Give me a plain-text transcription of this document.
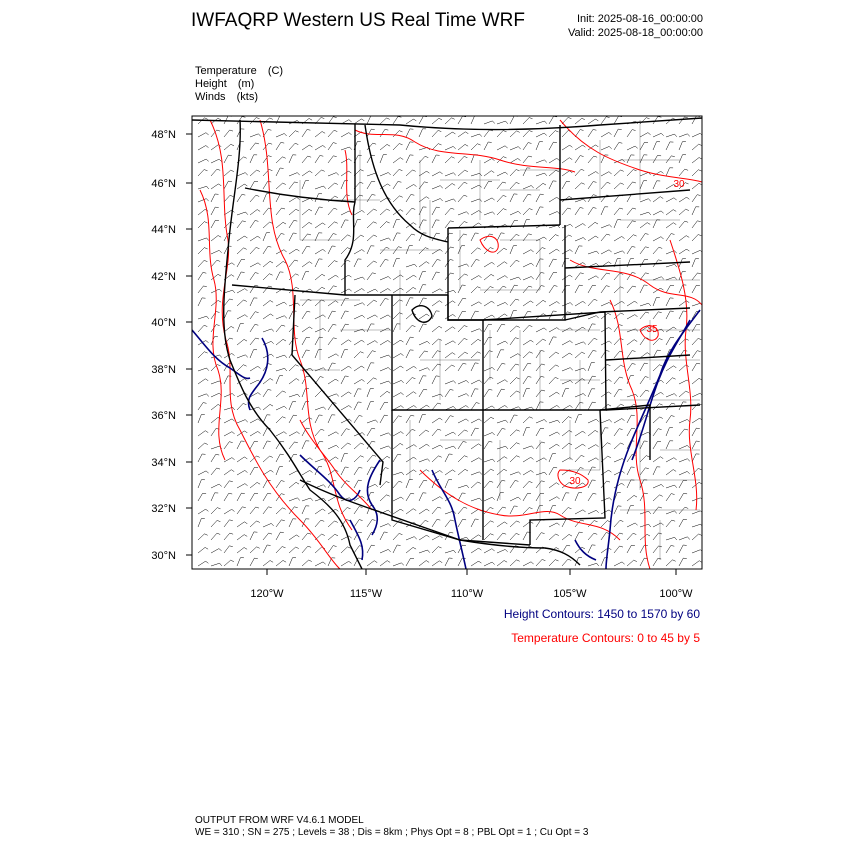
IWFAQRP Western US Real Time WRF	Init: 2025-08-16_00:00:00
Valid: 2025-08-18_00:00:00
Temperature (C)
Height (m)
Winds (kts)
48°N
46°N
44°N
42°N
40°N
38°N
36°N
34°N
32°N
30°N
120°W	115°W	110°W	105°W	100°W
30
30
35
Height Contours: 1450 to 1570 by 60
Temperature Contours: 0 to 45 by 5
OUTPUT FROM WRF V4.6.1 MODEL
WE = 310 ; SN = 275 ; Levels = 38 ; Dis = 8km ; Phys Opt = 8 ; PBL Opt = 1 ; Cu Opt = 3
